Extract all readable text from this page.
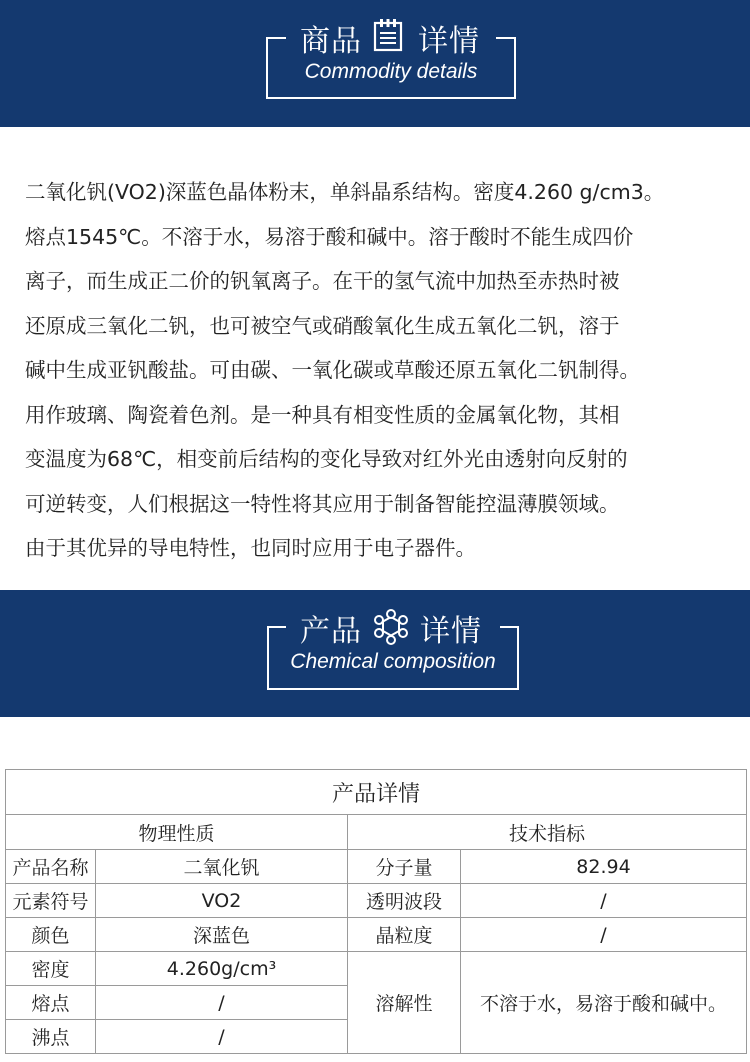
商品 详情
Commodity details

二氧化钒(VO2)深蓝色晶体粉末，单斜晶系结构。密度4.260 g/cm3。

熔点1545℃。不溶于水，易溶于酸和碱中。溶于酸时不能生成四价

离子，而生成正二价的钒氧离子。在干的氢气流中加热至赤热时被

还原成三氧化二钒，也可被空气或硝酸氧化生成五氧化二钒，溶于

碱中生成亚钒酸盐。可由碳、一氧化碳或草酸还原五氧化二钒制得。

用作玻璃、陶瓷着色剂。是一种具有相变性质的金属氧化物，其相

变温度为68℃，相变前后结构的变化导致对红外光由透射向反射的

可逆转变，人们根据这一特性将其应用于制备智能控温薄膜领域。

由于其优异的导电特性，也同时应用于电子器件。

产品 详情
Chemical composition
产品详情			
物理性质		技术指标	
产品名称	二氧化钒	分子量	82.94
元素符号	VO2	透明波段	/
颜色	深蓝色	晶粒度	/
密度	4.260g/cm³	溶解性	不溶于水，易溶于酸和碱中。
熔点	/		
沸点	/		
